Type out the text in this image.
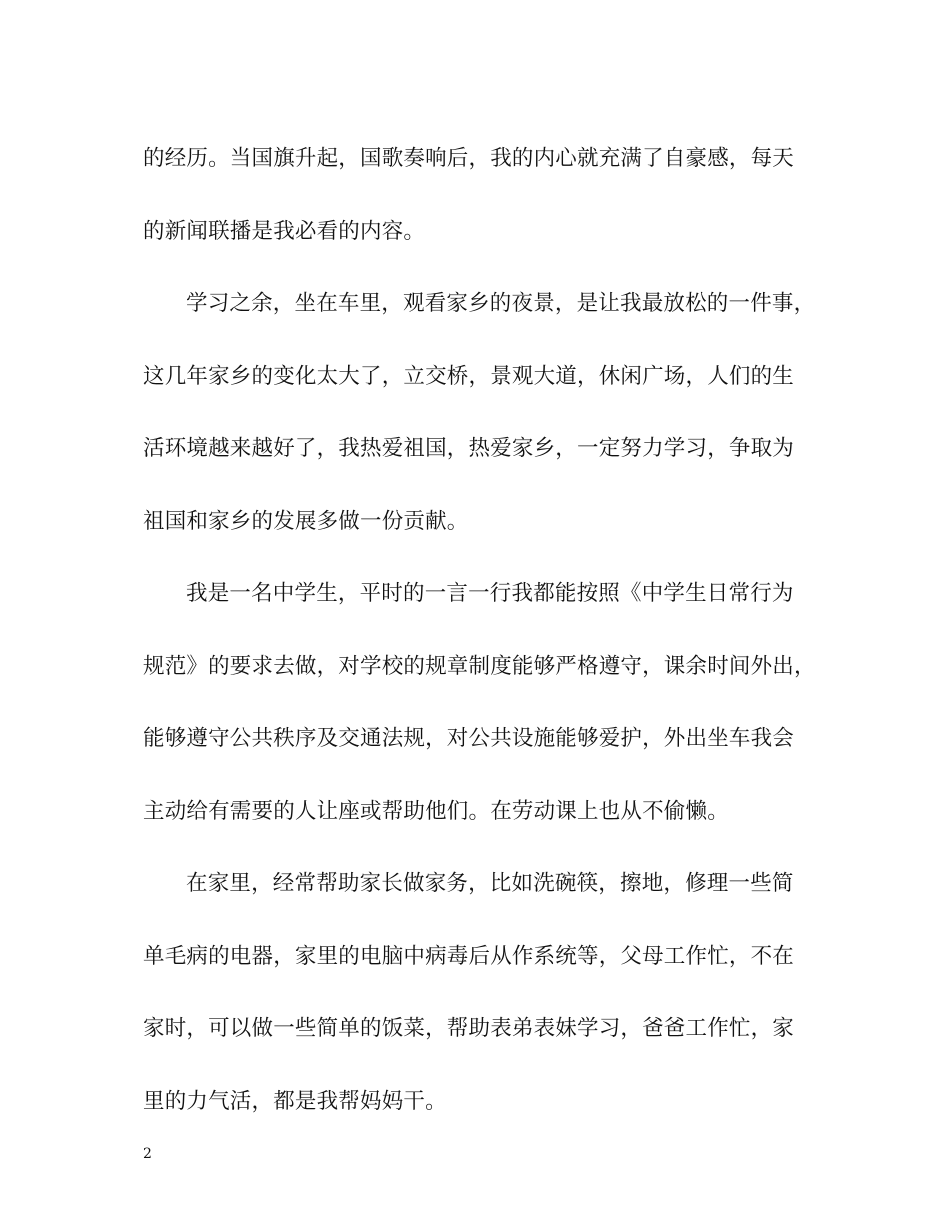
的经历。当国旗升起，国歌奏响后，我的内心就充满了自豪感，每天
的新闻联播是我必看的内容。
学习之余，坐在车里，观看家乡的夜景，是让我最放松的一件事，
这几年家乡的变化太大了，立交桥，景观大道，休闲广场，人们的生
活环境越来越好了，我热爱祖国，热爱家乡，一定努力学习，争取为
祖国和家乡的发展多做一份贡献。
我是一名中学生，平时的一言一行我都能按照《中学生日常行为
规范》的要求去做，对学校的规章制度能够严格遵守，课余时间外出，
能够遵守公共秩序及交通法规，对公共设施能够爱护，外出坐车我会
主动给有需要的人让座或帮助他们。在劳动课上也从不偷懒。
在家里，经常帮助家长做家务，比如洗碗筷，擦地，修理一些简
单毛病的电器，家里的电脑中病毒后从作系统等，父母工作忙，不在
家时，可以做一些简单的饭菜，帮助表弟表妹学习，爸爸工作忙，家
里的力气活，都是我帮妈妈干。
2
